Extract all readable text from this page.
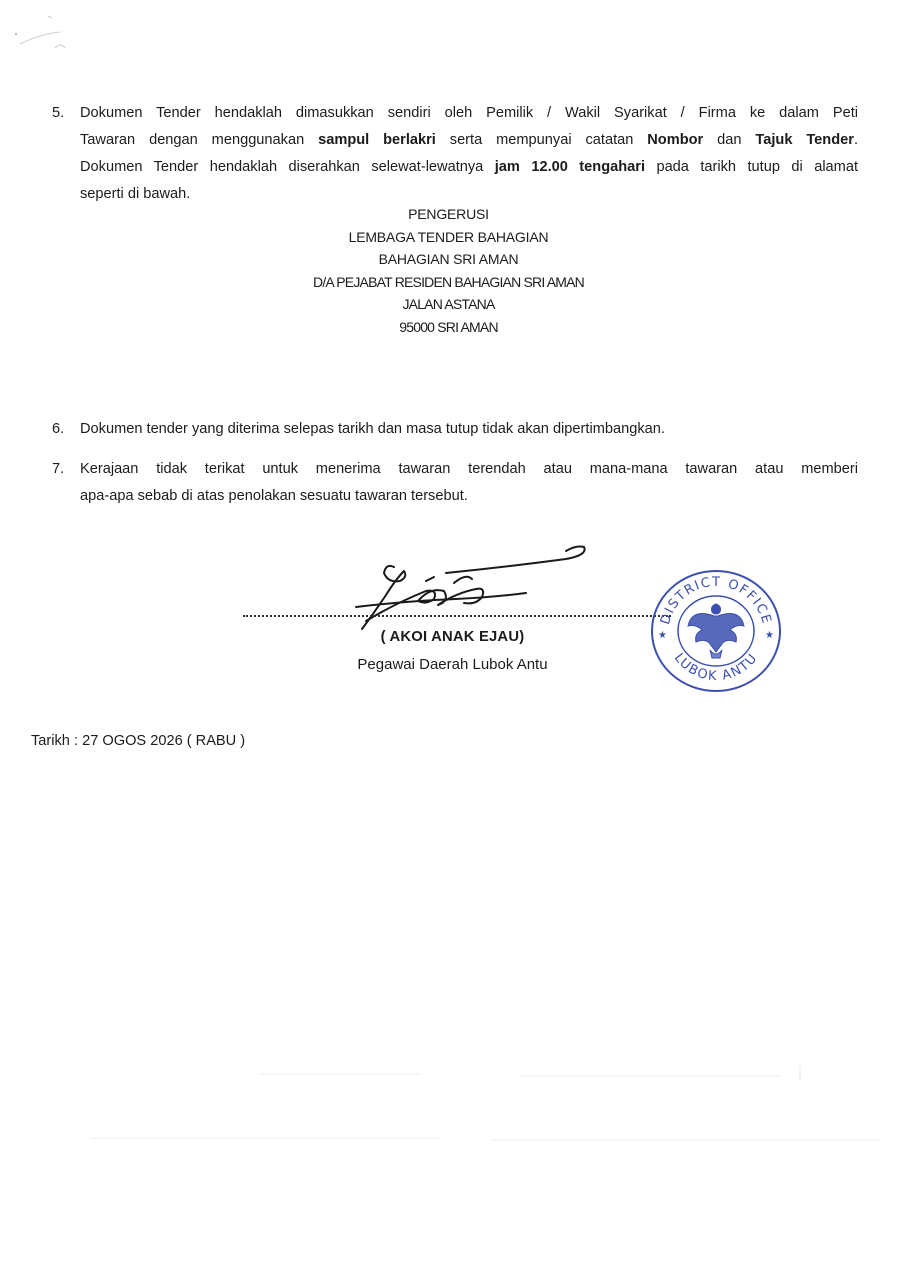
5.	Dokumen Tender hendaklah dimasukkan sendiri oleh Pemilik / Wakil Syarikat / Firma ke dalam Peti
Tawaran dengan menggunakan sampul berlakri serta mempunyai catatan Nombor dan Tajuk Tender.
Dokumen Tender hendaklah diserahkan selewat-lewatnya jam 12.00 tengahari pada tarikh tutup di alamat
seperti di bawah.
PENGERUSI
LEMBAGA TENDER BAHAGIAN
BAHAGIAN SRI AMAN
D/A PEJABAT RESIDEN BAHAGIAN SRI AMAN
JALAN ASTANA
95000 SRI AMAN
6.	Dokumen tender yang diterima selepas tarikh dan masa tutup tidak akan dipertimbangkan.
7.	Kerajaan tidak terikat untuk menerima tawaran terendah atau mana-mana tawaran atau memberi
apa-apa sebab di atas penolakan sesuatu tawaran tersebut.
( AKOI ANAK EJAU)
Pegawai Daerah Lubok Antu
DISTRICT OFFICE
LUBOK ANTU
★	★
Tarikh : 27 OGOS 2026 ( RABU )
